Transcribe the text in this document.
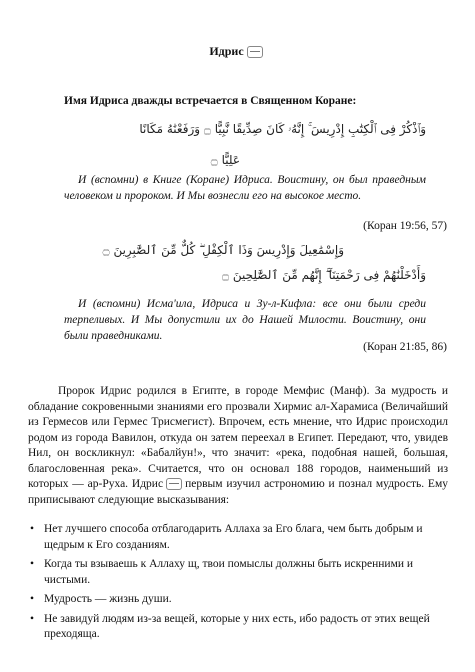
Идрис
Имя Идриса дважды встречается в Священном Коране:
وَٱذْكُرْ فِى ٱلْكِتَٰبِ إِدْرِيسَ ۚ إِنَّهُۥ كَانَ صِدِّيقًا نَّبِيًّا ۝ وَرَفَعْنَٰهُ مَكَانًا
عَلِيًّا ۝
И (вспомни) в Книге (Коране) Идриса. Воистину, он был праведным человеком и пророком. И Мы вознесли его на высокое место.
(Коран 19:56, 57)
وَإِسْمَٰعِيلَ وَإِدْرِيسَ وَذَا ٱلْكِفْلِ ۖ كُلٌّ مِّنَ ٱلصَّٰبِرِينَ ۝
وَأَدْخَلْنَٰهُمْ فِى رَحْمَتِنَآ ۖ إِنَّهُم مِّنَ ٱلصَّٰلِحِينَ ۝
И (вспомни) Исма'ила, Идриса и Зу-л-Кифла: все они были среди терпеливых. И Мы допустили их до Нашей Милости. Воистину, они были праведниками.
(Коран 21:85, 86)
Пророк Идрис родился в Египте, в городе Мемфис (Манф). За мудрость и обладание сокровенными знаниями его прозвали Хирмис ал-Харамиса (Величайший из Гермесов или Гермес Трисмегист). Впрочем, есть мнение, что Идрис происходил родом из города Вавилон, откуда он затем переехал в Египет. Передают, что, увидев Нил, он воскликнул: «Бабалйун!», что значит: «река, подобная нашей, большая, благословенная река». Считается, что он основал 188 городов, наименьший из которых — ар-Руха. Идрис первым изучил астрономию и познал мудрость. Ему приписывают следующие высказывания:
• Нет лучшего способа отблагодарить Аллаха за Его блага, чем быть добрым и щедрым к Его созданиям.
• Когда ты взываешь к Аллаху щ, твои помыслы должны быть искренними и чистыми.
• Мудрость — жизнь души.
• Не завидуй людям из-за вещей, которые у них есть, ибо радость от этих вещей преходяща.
